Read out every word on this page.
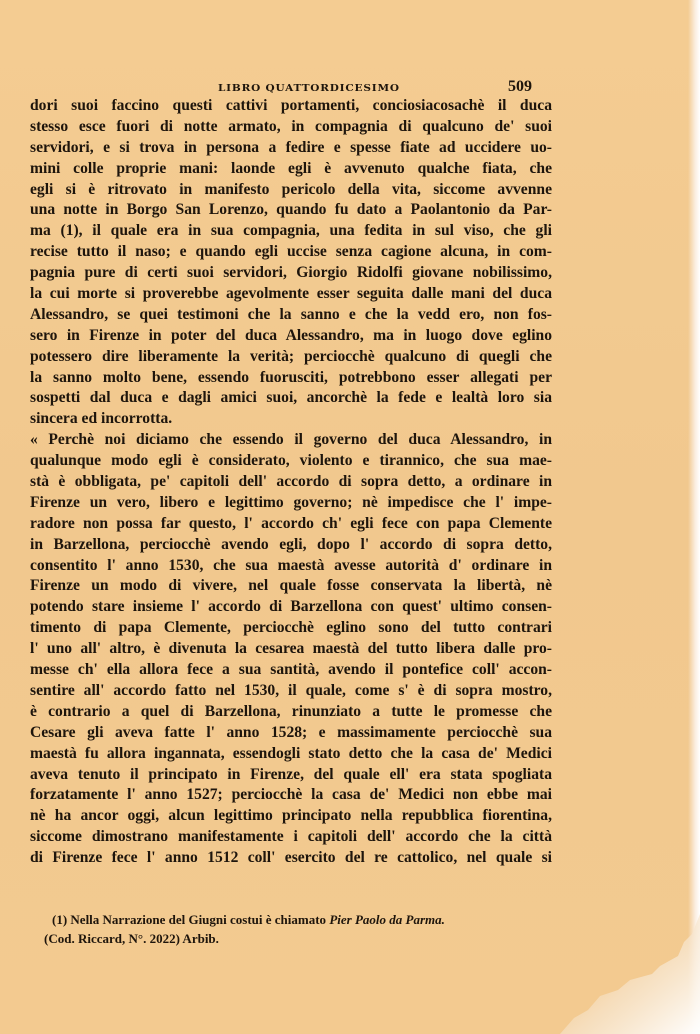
LIBRO QUATTORDICESIMO	509
dori suoi faccino questi cattivi portamenti, conciosiacosachè il duca
stesso esce fuori di notte armato, in compagnia di qualcuno de' suoi
servidori, e si trova in persona a fedire e spesse fiate ad uccidere uo-
mini colle proprie mani: laonde egli è avvenuto qualche fiata, che
egli si è ritrovato in manifesto pericolo della vita, siccome avvenne
una notte in Borgo San Lorenzo, quando fu dato a Paolantonio da Par-
ma (1), il quale era in sua compagnia, una fedita in sul viso, che gli
recise tutto il naso; e quando egli uccise senza cagione alcuna, in com-
pagnia pure di certi suoi servidori, Giorgio Ridolfi giovane nobilissimo,
la cui morte si proverebbe agevolmente esser seguita dalle mani del duca
Alessandro, se quei testimoni che la sanno e che la vedd ero, non fos-
sero in Firenze in poter del duca Alessandro, ma in luogo dove eglino
potessero dire liberamente la verità; perciocchè qualcuno di quegli che
la sanno molto bene, essendo fuorusciti, potrebbono esser allegati per
sospetti dal duca e dagli amici suoi, ancorchè la fede e lealtà loro sia
sincera ed incorrotta.
« Perchè noi diciamo che essendo il governo del duca Alessandro, in
qualunque modo egli è considerato, violento e tirannico, che sua mae-
stà è obbligata, pe' capitoli dell' accordo di sopra detto, a ordinare in
Firenze un vero, libero e legittimo governo; nè impedisce che l' impe-
radore non possa far questo, l' accordo ch' egli fece con papa Clemente
in Barzellona, perciocchè avendo egli, dopo l' accordo di sopra detto,
consentito l' anno 1530, che sua maestà avesse autorità d' ordinare in
Firenze un modo di vivere, nel quale fosse conservata la libertà, nè
potendo stare insieme l' accordo di Barzellona con quest' ultimo consen-
timento di papa Clemente, perciocchè eglino sono del tutto contrari
l' uno all' altro, è divenuta la cesarea maestà del tutto libera dalle pro-
messe ch' ella allora fece a sua santità, avendo il pontefice coll' accon-
sentire all' accordo fatto nel 1530, il quale, come s' è di sopra mostro,
è contrario a quel di Barzellona, rinunziato a tutte le promesse che
Cesare gli aveva fatte l' anno 1528; e massimamente perciocchè sua
maestà fu allora ingannata, essendogli stato detto che la casa de' Medici
aveva tenuto il principato in Firenze, del quale ell' era stata spogliata
forzatamente l' anno 1527; perciocchè la casa de' Medici non ebbe mai
nè ha ancor oggi, alcun legittimo principato nella repubblica fiorentina,
siccome dimostrano manifestamente i capitoli dell' accordo che la città
di Firenze fece l' anno 1512 coll' esercito del re cattolico, nel quale si
(1) Nella Narrazione del Giugni costui è chiamato Pier Paolo da Parma.
(Cod. Riccard, N°. 2022) Arbib.
